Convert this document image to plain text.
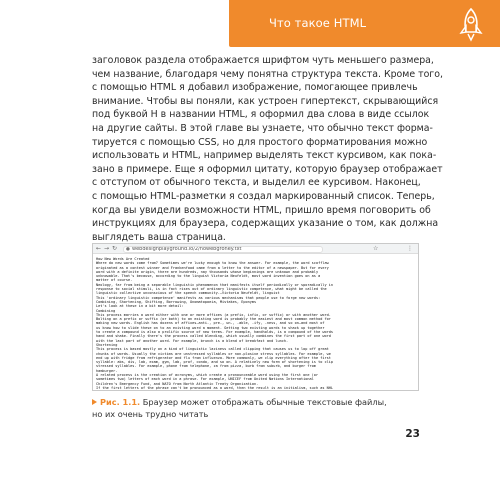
Что такое HTML
заголовок раздела отображается шрифтом чуть меньшего размера,
чем название, благодаря чему понятна структура текста. Кроме того,
с помощью HTML я добавил изображение, помогающее привлечь
внимание. Чтобы вы поняли, как устроен гипертекст, скрывающийся
под буквой H в названии HTML, я оформил два слова в виде ссылок
на другие сайты. В этой главе вы узнаете, что обычно текст форма-
тируется с помощью CSS, но для простого форматирования можно
использовать и HTML, например выделять текст курсивом, как пока-
зано в примере. Еще я оформил цитату, которую браузер отображает
с отступом от обычного текста, и выделил ее курсивом. Наконец,
с помощью HTML-разметки я создал маркированный список. Теперь,
когда вы увидели возможности HTML, пришло время поговорить об
инструкциях для браузера, содержащих указание о том, как должна
выглядеть ваша страница.
← → ↻ ● webdesignplayground.io/2/nowebgroney.txt	☆	⋮
How New Words Are Created
Where do new words come from? Sometimes we're lucky enough to know the answer. For example, the word scofflaw
originated as a contest winner and Frankenfood came from a letter to the editor of a newspaper. But for every
word with a definite origin, there are hundreds, nay thousands whose beginnings are unknown and probably
unknowable. That's because, according to the linguist Victoria Neufeldt, most word invention goes on as a
matter of course.
Neology, far from being a separable linguistic phenomenon that manifests itself periodically or sporadically in
response to social stimuli, is in fact rises out of ordinary linguistic competence, what might be called the
linguistic collective unconscious of the speech community.—Victoria Neufeldt, linguist
This 'ordinary linguistic competence' manifests as various mechanisms that people use to forge new words:
Combining, Shortening, Shifting, Borrowing, Onomatopoeia, Mistakes, Eponyms
Let's look at these in a bit more detail:
Combining
This process marries a word either with one or more affixes (a prefix, infix, or suffix) or with another word.
Bolting on a prefix or suffix (or both) to an existing word is probably the easiest and most common method for
making new words. English has dozens of affixes—anti-, pre-, un-, -able, -ify, -ness, and so on—and most of
us know how to slide these on to an existing word a moment. Getting two existing words to shack up together
to create a compound is also a prolific source of new terms. For example, handholds, is a compound of the words
hand and shake. Finally there's the process called blending, which usually combines the first part of one word
with the last part of another word. For example, brunch is a blend of breakfast and lunch.
Shortening
This process is based mostly on a kind of linguistic laziness called clipping that causes us to lop off great
chunks of words. Usually the victims are unstressed syllables or non-plosive stress syllables. For example, we
end up with fridge from refrigerator and flu from influenza. More commonly, we clip everything after the first
syllable: abs, dis, lab, exam, gym, lab, prof, condo, and so on. A relatively new form of shortening is to clip
stressed syllables. For example, phone from telephone, za from pizza, burb from suburb, and burger from
hamburger.
A related process is the creation of acronyms, which create a pronounceable word using the first one (or
sometimes two) letters of each word in a phrase. For example, UNICEF from United Nations International
Children's Emergency Fund, and NATO from North Atlantic Treaty Organization.
If the first letters of the phrase can't be pronounced as a word, then the result is an initialism, such as NHL
Рис. 1.1. Браузер может отображать обычные текстовые файлы,
но их очень трудно читать
23
